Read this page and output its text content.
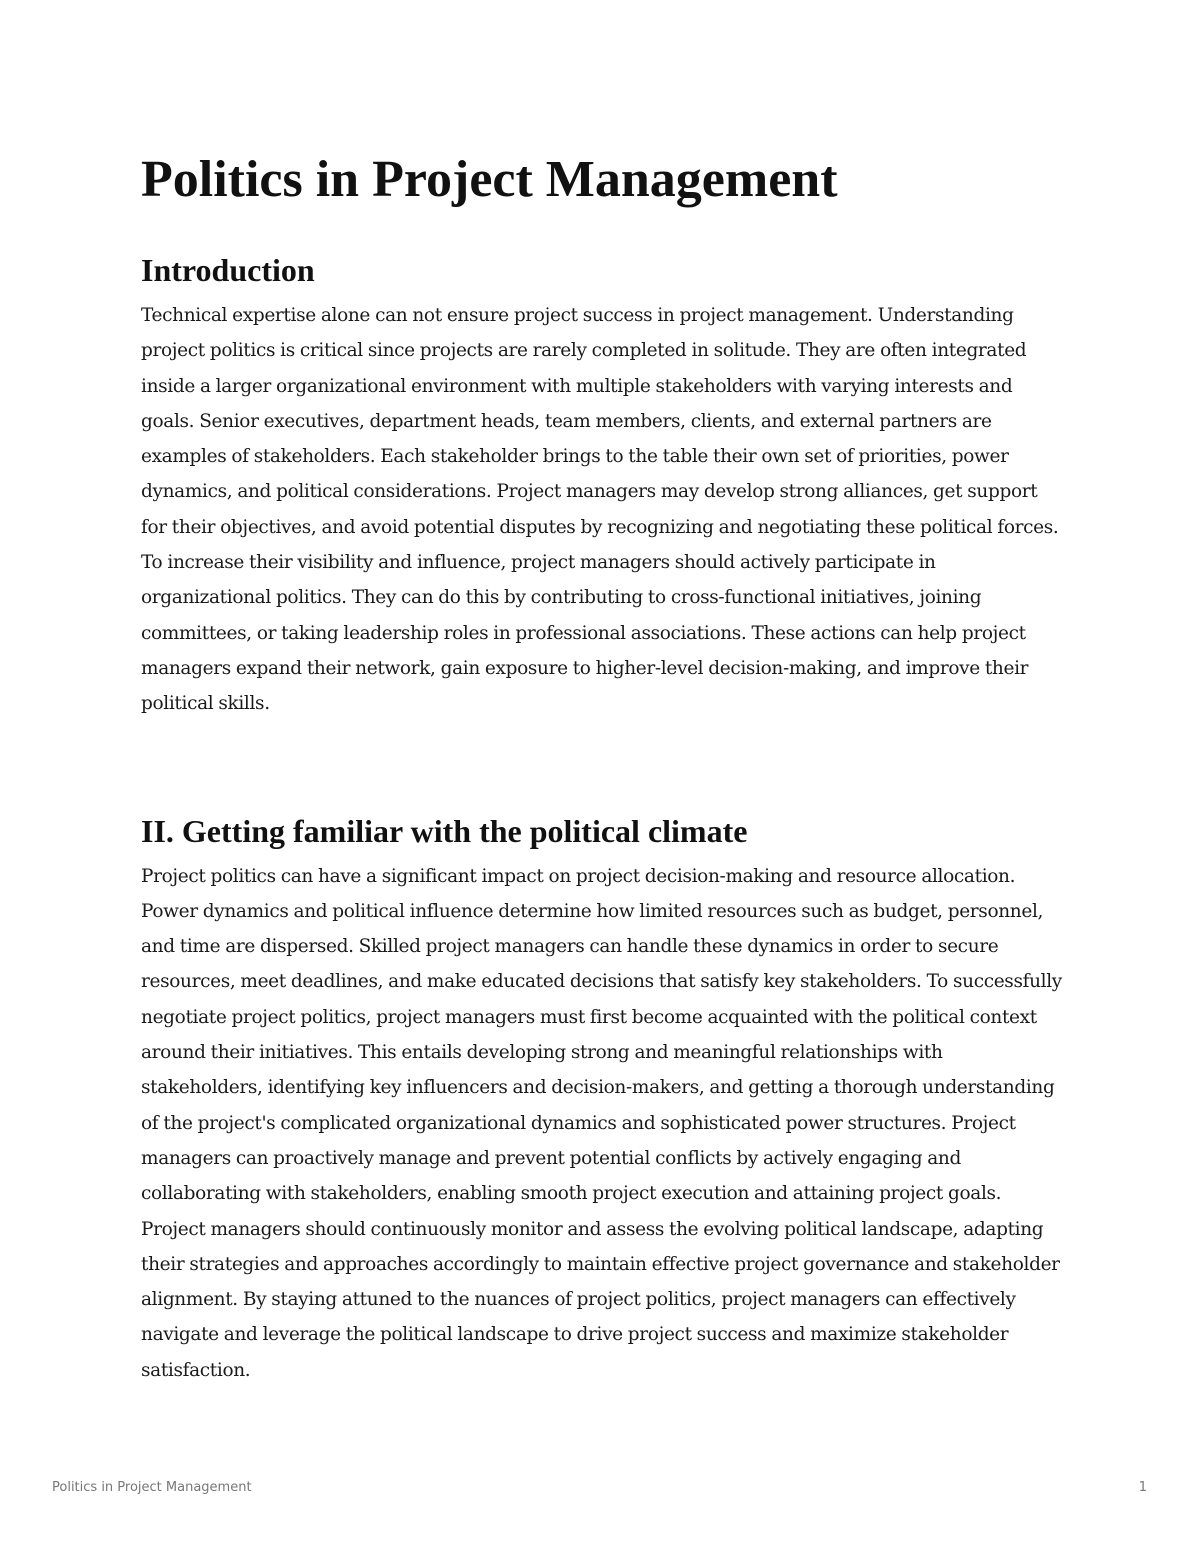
Politics in Project Management
Introduction

Technical expertise alone can not ensure project success in project management. Understanding project politics is critical since projects are rarely completed in solitude. They are often integrated inside a larger organizational environment with multiple stakeholders with varying interests and goals. Senior executives, department heads, team members, clients, and external partners are examples of stakeholders. Each stakeholder brings to the table their own set of priorities, power dynamics, and political considerations. Project managers may develop strong alliances, get support for their objectives, and avoid potential disputes by recognizing and negotiating these political forces. To increase their visibility and influence, project managers should actively participate in organizational politics. They can do this by contributing to cross-functional initiatives, joining committees, or taking leadership roles in professional associations. These actions can help project managers expand their network, gain exposure to higher-level decision-making, and improve their political skills.

II. Getting familiar with the political climate

Project politics can have a significant impact on project decision-making and resource allocation. Power dynamics and political influence determine how limited resources such as budget, personnel, and time are dispersed. Skilled project managers can handle these dynamics in order to secure resources, meet deadlines, and make educated decisions that satisfy key stakeholders. To successfully negotiate project politics, project managers must first become acquainted with the political context around their initiatives. This entails developing strong and meaningful relationships with stakeholders, identifying key influencers and decision-makers, and getting a thorough understanding of the project's complicated organizational dynamics and sophisticated power structures. Project managers can proactively manage and prevent potential conflicts by actively engaging and collaborating with stakeholders, enabling smooth project execution and attaining project goals. Project managers should continuously monitor and assess the evolving political landscape, adapting their strategies and approaches accordingly to maintain effective project governance and stakeholder alignment. By staying attuned to the nuances of project politics, project managers can effectively navigate and leverage the political landscape to drive project success and maximize stakeholder satisfaction.

Politics in Project Management	1
